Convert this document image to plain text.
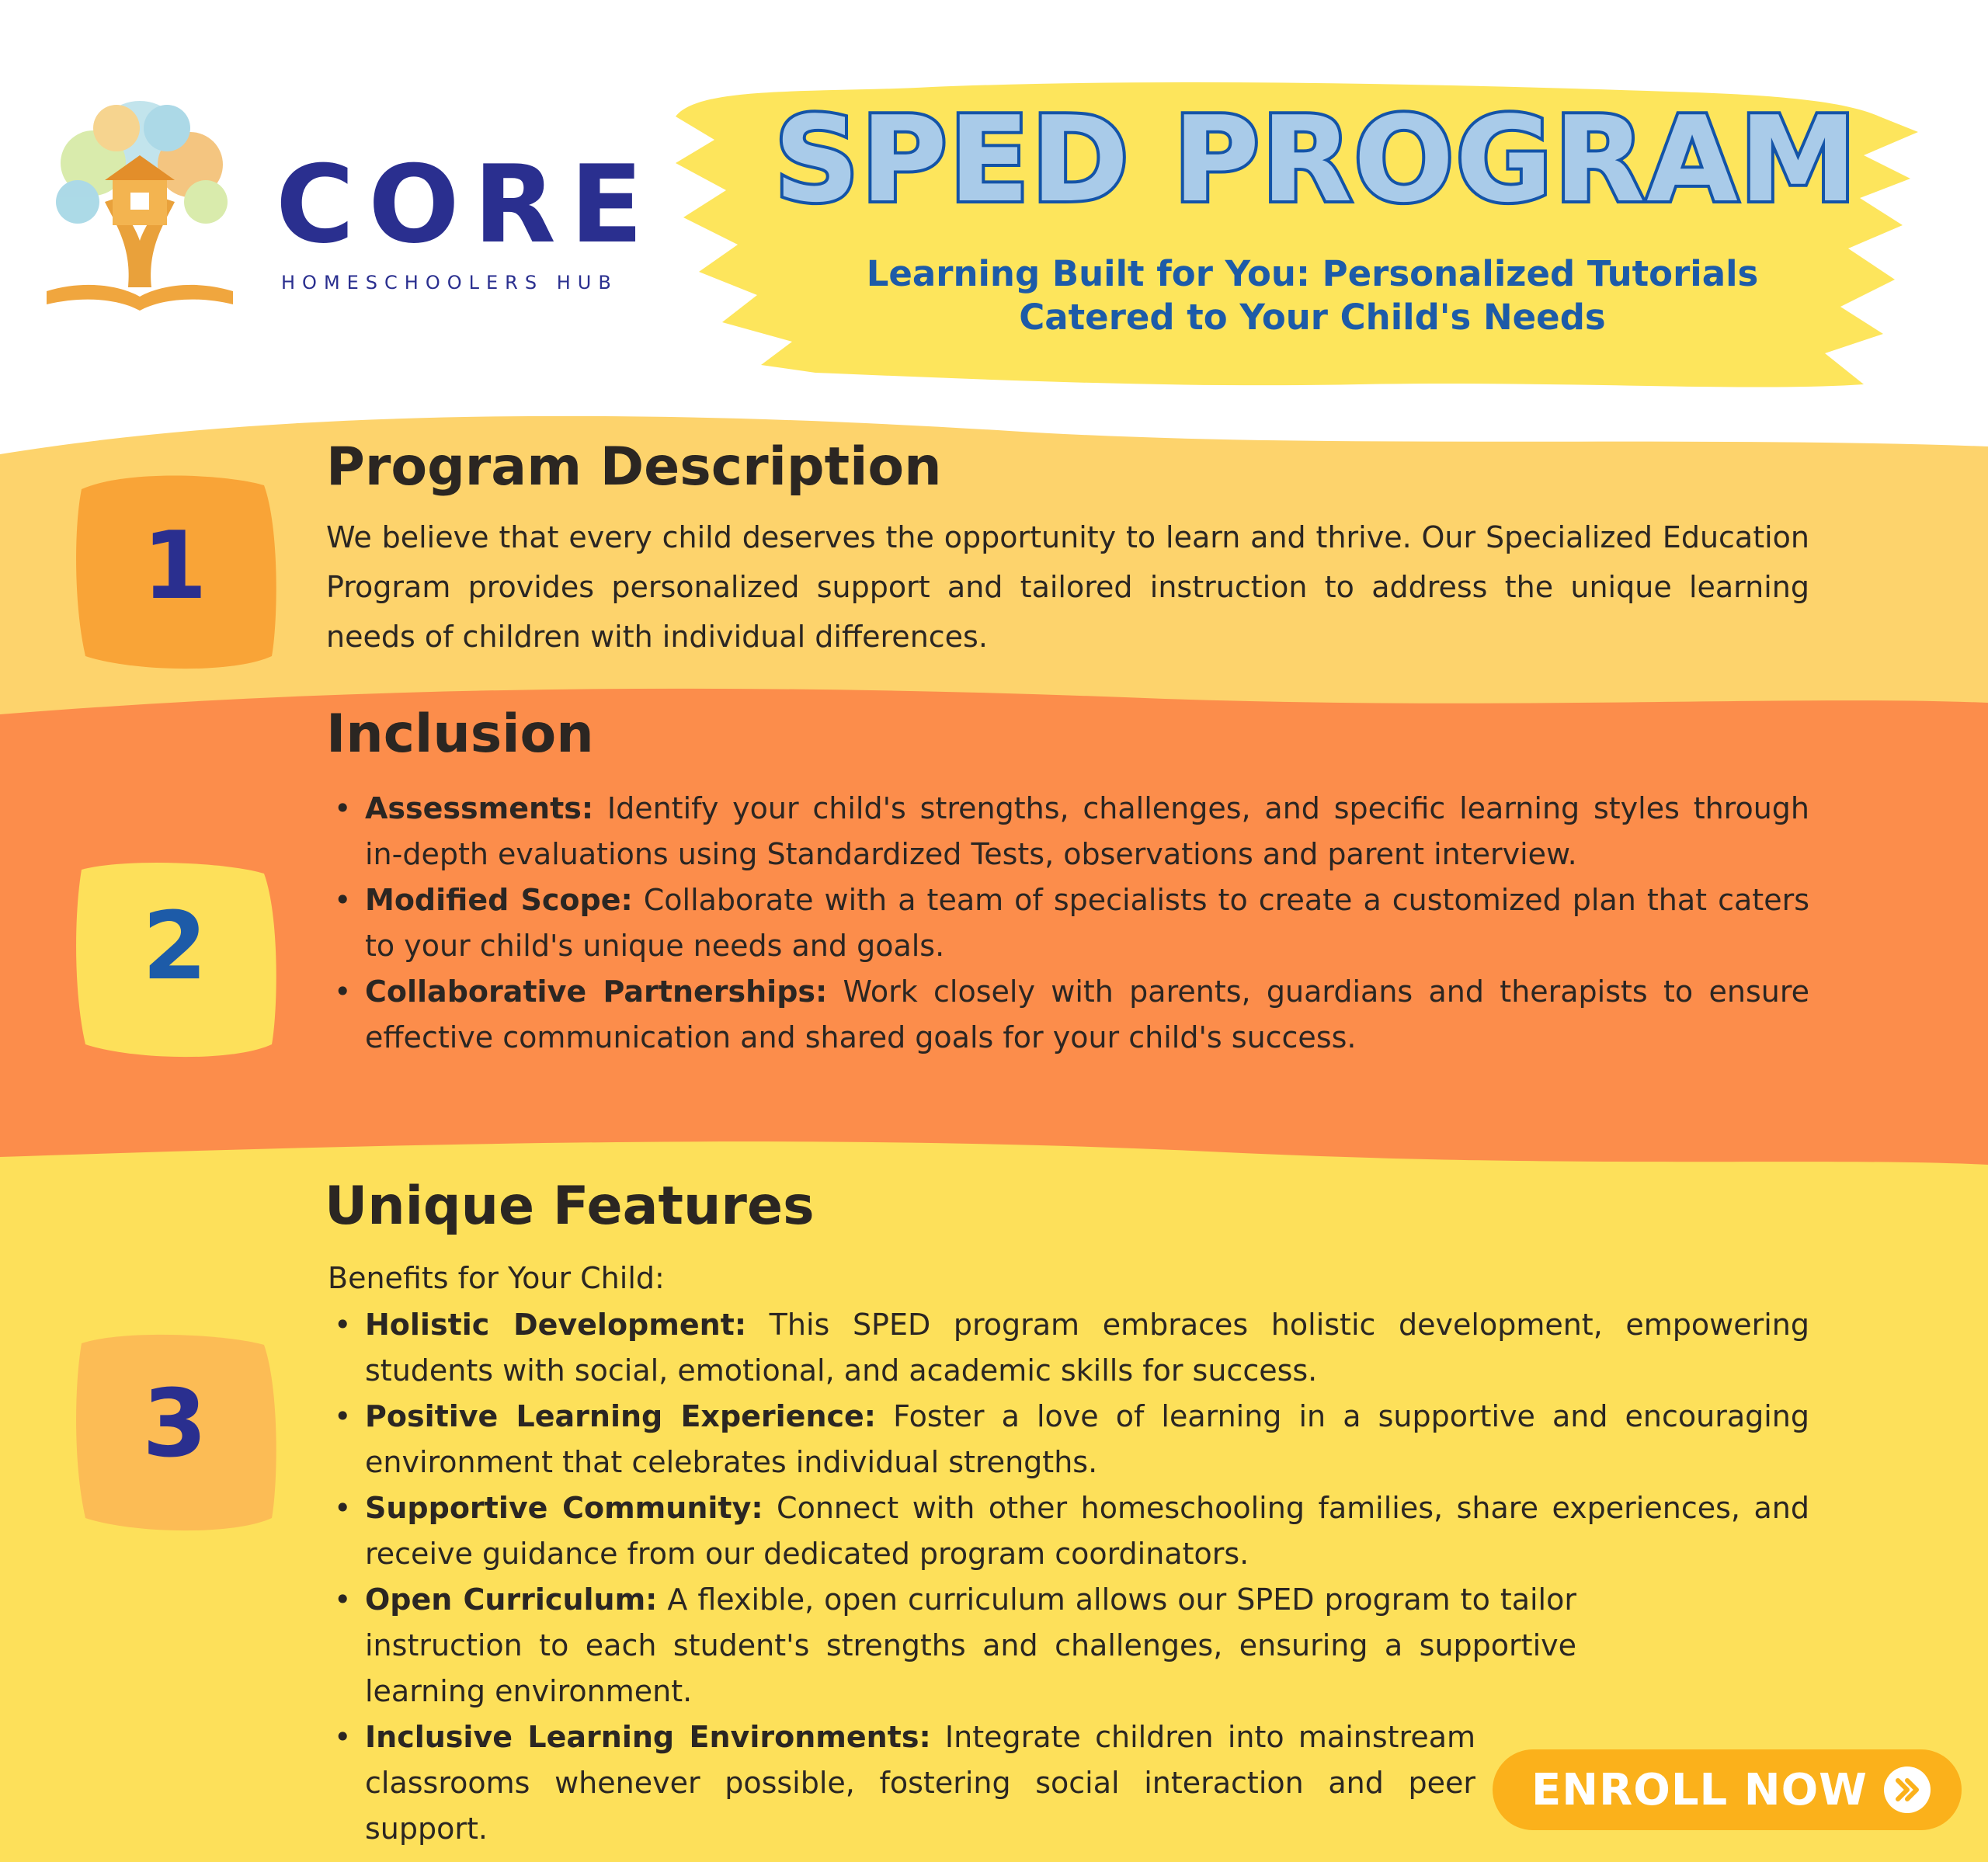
CORE
HOMESCHOOLERS HUB
SPED PROGRAM
Learning Built for You: Personalized Tutorials
Catered to Your Child's Needs
1
Program Description
We believe that every child deserves the opportunity to learn and thrive. Our Specialized Education Program provides personalized support and tailored instruction to address the unique learning needs of children with individual differences.
2
Inclusion
• Assessments: Identify your child's strengths, challenges, and specific learning styles through in-depth evaluations using Standardized Tests, observations and parent interview.
• Modified Scope: Collaborate with a team of specialists to create a customized plan that caters to your child's unique needs and goals.
• Collaborative Partnerships: Work closely with parents, guardians and therapists to ensure effective communication and shared goals for your child's success.
3
Unique Features
Benefits for Your Child:
• Holistic Development: This SPED program embraces holistic development, empowering students with social, emotional, and academic skills for success.
• Positive Learning Experience: Foster a love of learning in a supportive and encouraging environment that celebrates individual strengths.
• Supportive Community: Connect with other homeschooling families, share experiences, and receive guidance from our dedicated program coordinators.
• Open Curriculum: A flexible, open curriculum allows our SPED program to tailor instruction to each student's strengths and challenges, ensuring a supportive learning environment.
• Inclusive Learning Environments: Integrate children into mainstream classrooms whenever possible, fostering social interaction and peer support.
ENROLL NOW
